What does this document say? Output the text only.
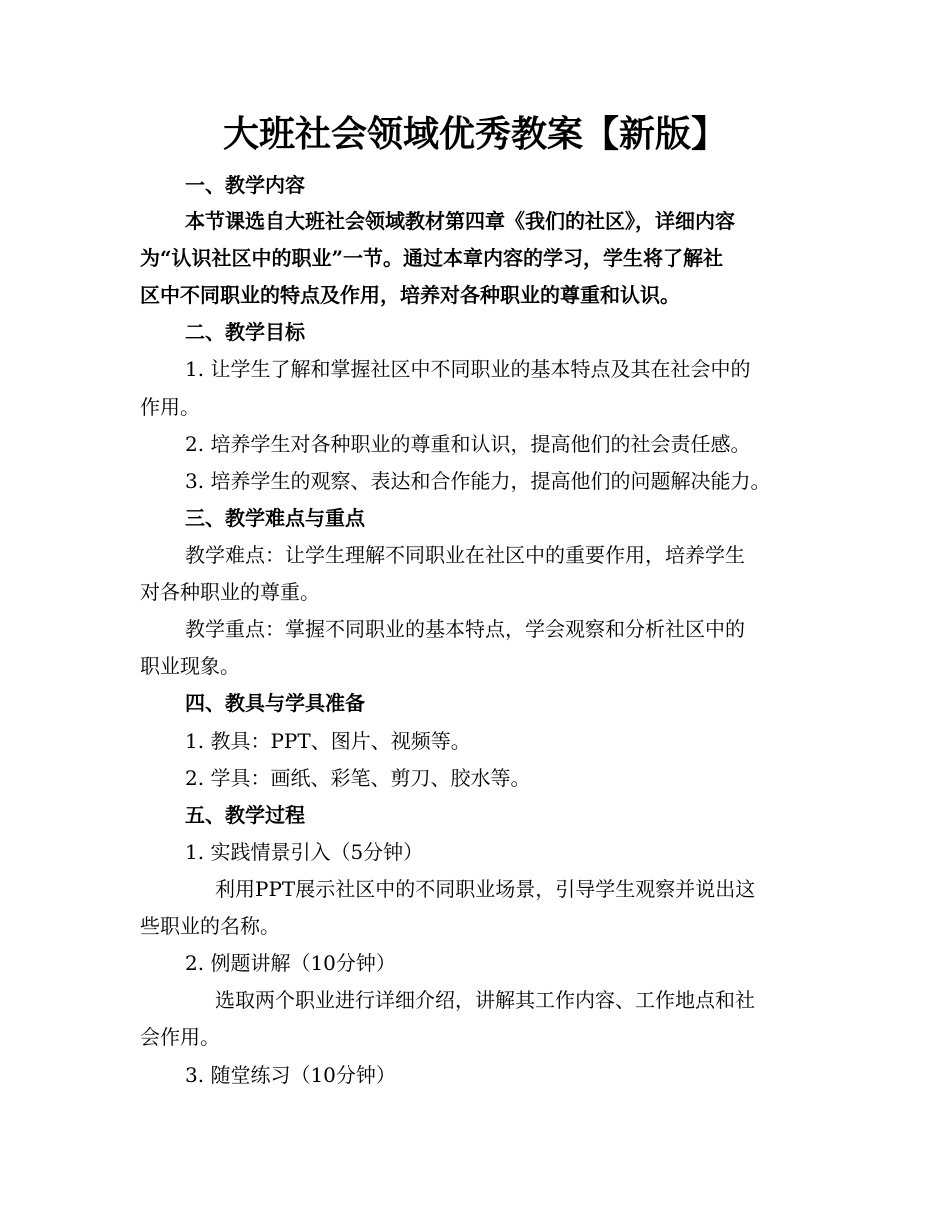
大班社会领域优秀教案【新版】
一、教学内容
本节课选自大班社会领域教材第四章《我们的社区》，详细内容
为“认识社区中的职业”一节。通过本章内容的学习，学生将了解社
区中不同职业的特点及作用，培养对各种职业的尊重和认识。
二、教学目标
1. 让学生了解和掌握社区中不同职业的基本特点及其在社会中的
作用。
2. 培养学生对各种职业的尊重和认识，提高他们的社会责任感。
3. 培养学生的观察、表达和合作能力，提高他们的问题解决能力。
三、教学难点与重点
教学难点：让学生理解不同职业在社区中的重要作用，培养学生
对各种职业的尊重。
教学重点：掌握不同职业的基本特点，学会观察和分析社区中的
职业现象。
四、教具与学具准备
1. 教具：PPT、图片、视频等。
2. 学具：画纸、彩笔、剪刀、胶水等。
五、教学过程
1. 实践情景引入（5分钟）
利用PPT展示社区中的不同职业场景，引导学生观察并说出这
些职业的名称。
2. 例题讲解（10分钟）
选取两个职业进行详细介绍，讲解其工作内容、工作地点和社
会作用。
3. 随堂练习（10分钟）
